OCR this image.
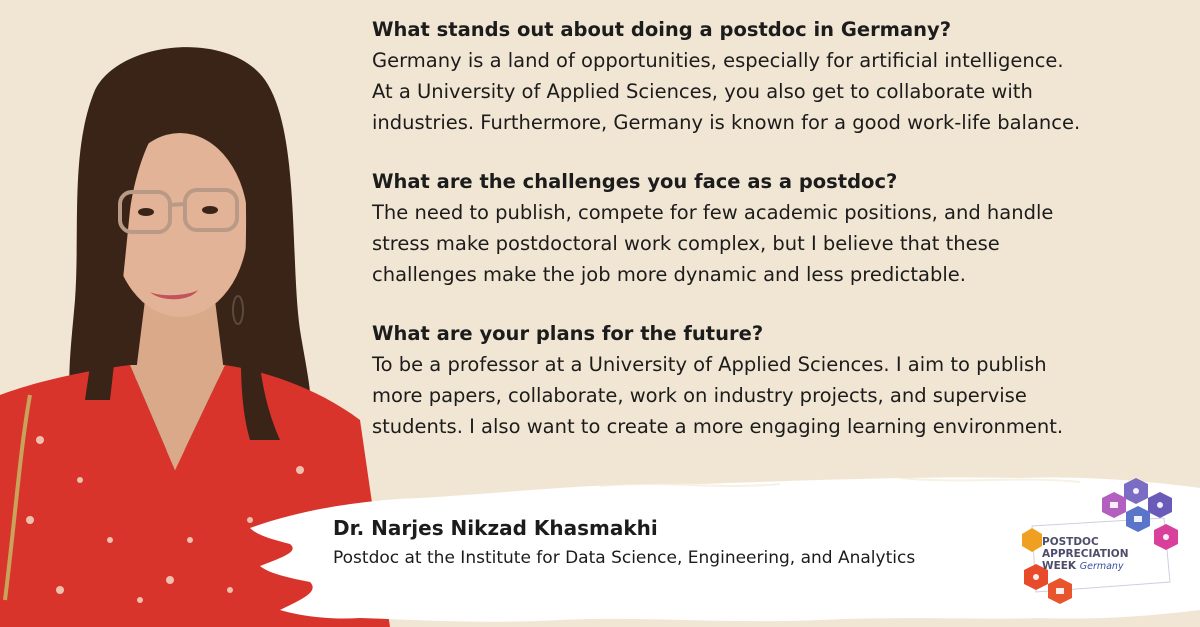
What stands out about doing a postdoc in Germany?
Germany is a land of opportunities, especially for artificial intelligence.
At a University of Applied Sciences, you also get to collaborate with
industries. Furthermore, Germany is known for a good work-life balance.
What are the challenges you face as a postdoc?
The need to publish, compete for few academic positions, and handle
stress make postdoctoral work complex, but I believe that these
challenges make the job more dynamic and less predictable.
What are your plans for the future?
To be a professor at a University of Applied Sciences. I aim to publish
more papers, collaborate, work on industry projects, and supervise
students. I also want to create a more engaging learning environment.
Dr. Narjes Nikzad Khasmakhi
Postdoc at the Institute for Data Science, Engineering, and Analytics
POSTDOC
APPRECIATION
WEEK Germany
